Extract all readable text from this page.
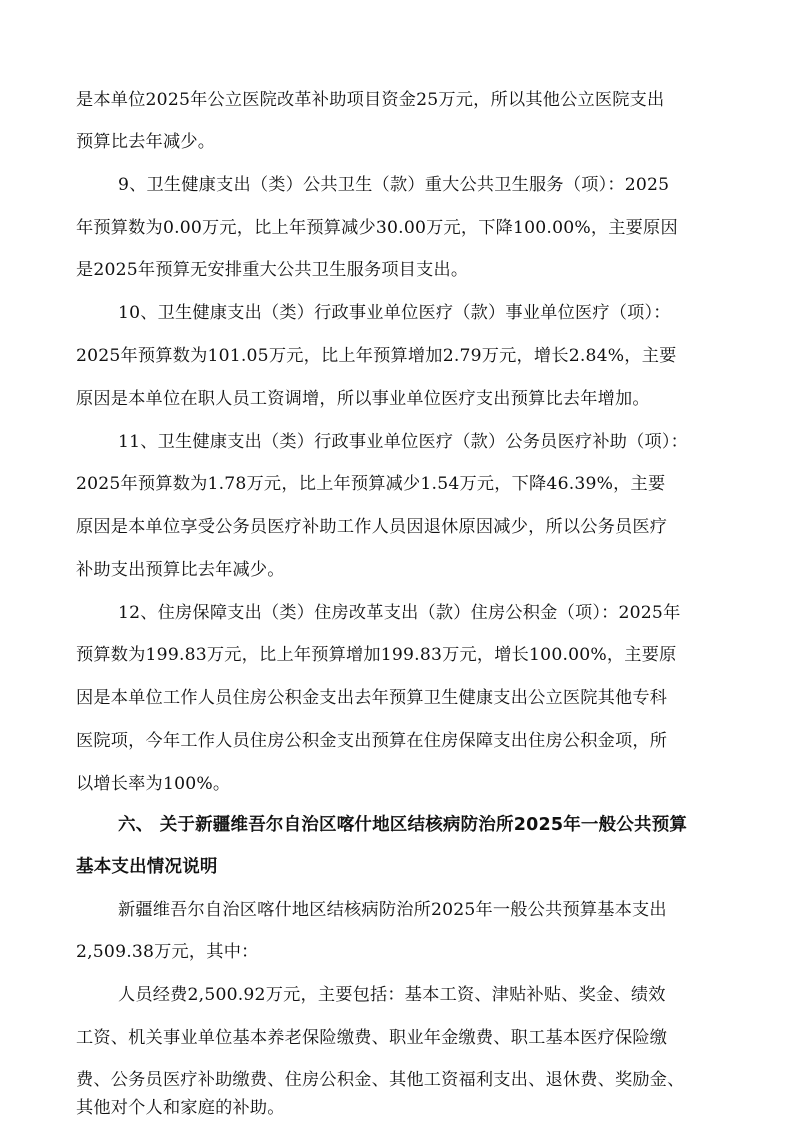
是本单位2025年公立医院改革补助项目资金25万元，所以其他公立医院支出
预算比去年减少。
9、卫生健康支出（类）公共卫生（款）重大公共卫生服务（项）：2025
年预算数为0.00万元，比上年预算减少30.00万元，下降100.00%，主要原因
是2025年预算无安排重大公共卫生服务项目支出。
10、卫生健康支出（类）行政事业单位医疗（款）事业单位医疗（项）：
2025年预算数为101.05万元，比上年预算增加2.79万元，增长2.84%，主要
原因是本单位在职人员工资调增，所以事业单位医疗支出预算比去年增加。
11、卫生健康支出（类）行政事业单位医疗（款）公务员医疗补助（项）：
2025年预算数为1.78万元，比上年预算减少1.54万元，下降46.39%，主要
原因是本单位享受公务员医疗补助工作人员因退休原因减少，所以公务员医疗
补助支出预算比去年减少。
12、住房保障支出（类）住房改革支出（款）住房公积金（项）：2025年
预算数为199.83万元，比上年预算增加199.83万元，增长100.00%，主要原
因是本单位工作人员住房公积金支出去年预算卫生健康支出公立医院其他专科
医院项，今年工作人员住房公积金支出预算在住房保障支出住房公积金项，所
以增长率为100%。
六、 关于新疆维吾尔自治区喀什地区结核病防治所2025年一般公共预算
基本支出情况说明
新疆维吾尔自治区喀什地区结核病防治所2025年一般公共预算基本支出
2,509.38万元，其中：
人员经费2,500.92万元，主要包括：基本工资、津贴补贴、奖金、绩效
工资、机关事业单位基本养老保险缴费、职业年金缴费、职工基本医疗保险缴
费、公务员医疗补助缴费、住房公积金、其他工资福利支出、退休费、奖励金、
其他对个人和家庭的补助。
